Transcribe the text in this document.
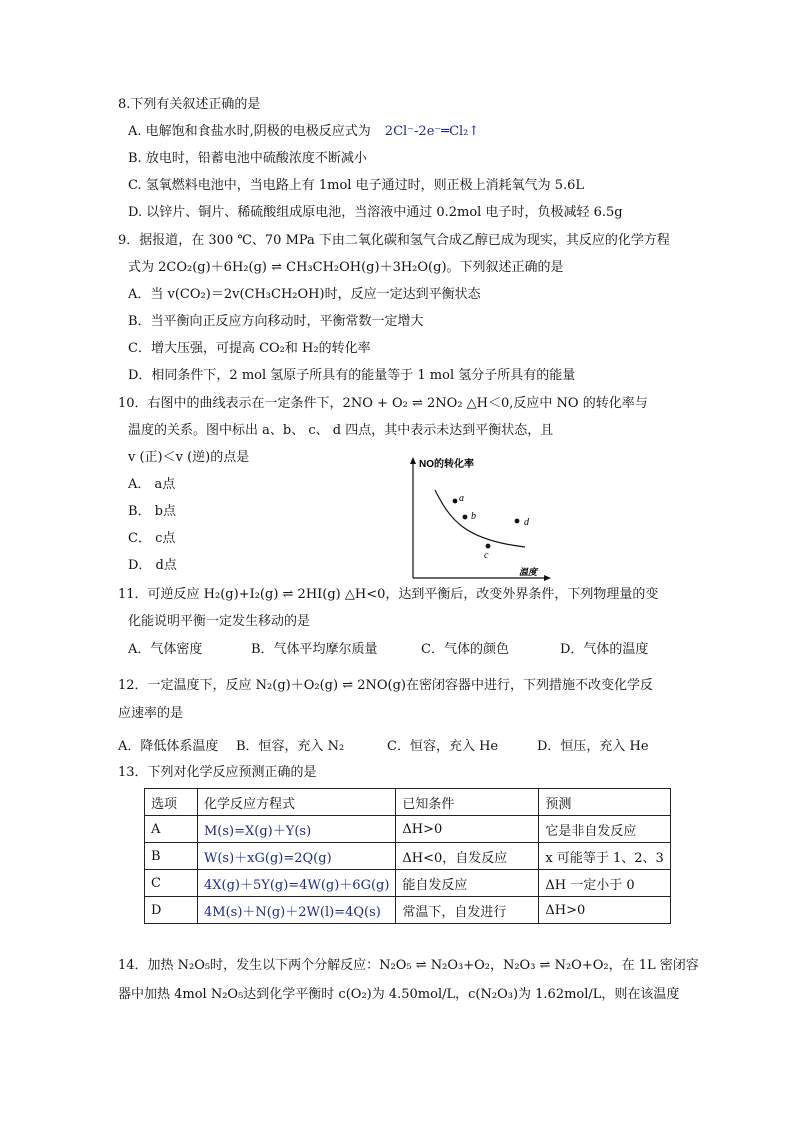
8.下列有关叙述正确的是
A. 电解饱和食盐水时,阴极的电极反应式为 2Cl⁻-2e⁻═Cl₂↑
B. 放电时，铅蓄电池中硫酸浓度不断减小
C. 氢氧燃料电池中，当电路上有 1mol 电子通过时，则正极上消耗氧气为 5.6L
D. 以锌片、铜片、稀硫酸组成原电池，当溶液中通过 0.2mol 电子时，负极减轻 6.5g
9．据报道，在 300 ℃、70 MPa 下由二氧化碳和氢气合成乙醇已成为现实，其反应的化学方程
式为 2CO₂(g)＋6H₂(g) ⇌ CH₃CH₂OH(g)＋3H₂O(g)。下列叙述正确的是
A．当 v(CO₂)＝2v(CH₃CH₂OH)时，反应一定达到平衡状态
B．当平衡向正反应方向移动时，平衡常数一定增大
C．增大压强，可提高 CO₂和 H₂的转化率
D．相同条件下，2 mol 氢原子所具有的能量等于 1 mol 氢分子所具有的能量
10．右图中的曲线表示在一定条件下，2NO + O₂ ⇌ 2NO₂ △H＜0,反应中 NO 的转化率与
温度的关系。图中标出 a、b、 c、 d 四点，其中表示未达到平衡状态，且
v (正)＜v (逆)的点是
A． a点
B． b点
C． c点
D． d点
a
b
c
d
NO的转化率
温度
11．可逆反应 H₂(g)+I₂(g) ⇌ 2HI(g) △H<0，达到平衡后，改变外界条件，下列物理量的变
化能说明平衡一定发生移动的是
A．气体密度	B．气体平均摩尔质量	C．气体的颜色	D．气体的温度
12．一定温度下，反应 N₂(g)＋O₂(g) ⇌ 2NO(g)在密闭容器中进行，下列措施不改变化学反
应速率的是
A．降低体系温度 B．恒容，充入 N₂	C．恒容，充入 He	D．恒压，充入 He
13．下列对化学反应预测正确的是
选项	化学反应方程式	已知条件	预测
A	M(s)=X(g)＋Y(s)	ΔH>0	它是非自发反应
B	W(s)＋xG(g)=2Q(g)	ΔH<0，自发反应	x 可能等于 1、2、3
C	4X(g)＋5Y(g)=4W(g)＋6G(g)	能自发反应	ΔH 一定小于 0
D	4M(s)＋N(g)＋2W(l)=4Q(s)	常温下，自发进行	ΔH>0
14．加热 N₂O₅时，发生以下两个分解反应：N₂O₅ ⇌ N₂O₃+O₂，N₂O₃ ⇌ N₂O+O₂，在 1L 密闭容
器中加热 4mol N₂O₅达到化学平衡时 c(O₂)为 4.50mol/L，c(N₂O₃)为 1.62mol/L，则在该温度
